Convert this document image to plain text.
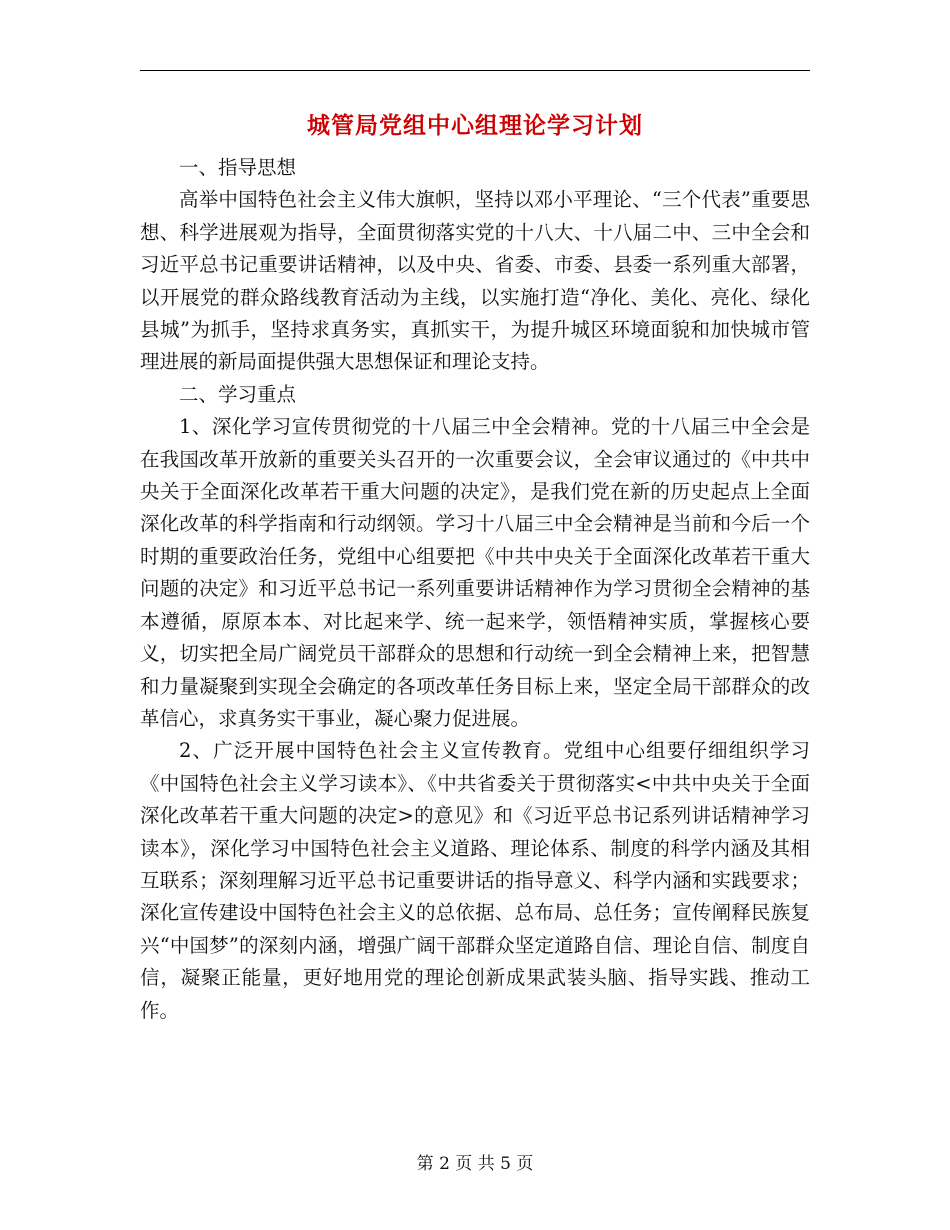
城管局党组中心组理论学习计划

一、指导思想

高举中国特色社会主义伟大旗帜，坚持以邓小平理论、“三个代表”重要思想、科学进展观为指导，全面贯彻落实党的十八大、十八届二中、三中全会和习近平总书记重要讲话精神，以及中央、省委、市委、县委一系列重大部署，以开展党的群众路线教育活动为主线，以实施打造“净化、美化、亮化、绿化县城”为抓手，坚持求真务实，真抓实干，为提升城区环境面貌和加快城市管理进展的新局面提供强大思想保证和理论支持。

二、学习重点

1、深化学习宣传贯彻党的十八届三中全会精神。党的十八届三中全会是在我国改革开放新的重要关头召开的一次重要会议，全会审议通过的《中共中央关于全面深化改革若干重大问题的决定》，是我们党在新的历史起点上全面深化改革的科学指南和行动纲领。学习十八届三中全会精神是当前和今后一个时期的重要政治任务，党组中心组要把《中共中央关于全面深化改革若干重大问题的决定》和习近平总书记一系列重要讲话精神作为学习贯彻全会精神的基本遵循，原原本本、对比起来学、统一起来学，领悟精神实质，掌握核心要义，切实把全局广阔党员干部群众的思想和行动统一到全会精神上来，把智慧和力量凝聚到实现全会确定的各项改革任务目标上来，坚定全局干部群众的改革信心，求真务实干事业，凝心聚力促进展。

2、广泛开展中国特色社会主义宣传教育。党组中心组要仔细组织学习《中国特色社会主义学习读本》、《中共省委关于贯彻落实<中共中央关于全面深化改革若干重大问题的决定>的意见》和《习近平总书记系列讲话精神学习读本》，深化学习中国特色社会主义道路、理论体系、制度的科学内涵及其相互联系；深刻理解习近平总书记重要讲话的指导意义、科学内涵和实践要求；深化宣传建设中国特色社会主义的总依据、总布局、总任务；宣传阐释民族复兴“中国梦”的深刻内涵，增强广阔干部群众坚定道路自信、理论自信、制度自信，凝聚正能量，更好地用党的理论创新成果武装头脑、指导实践、推动工作。

第 2 页 共 5 页
